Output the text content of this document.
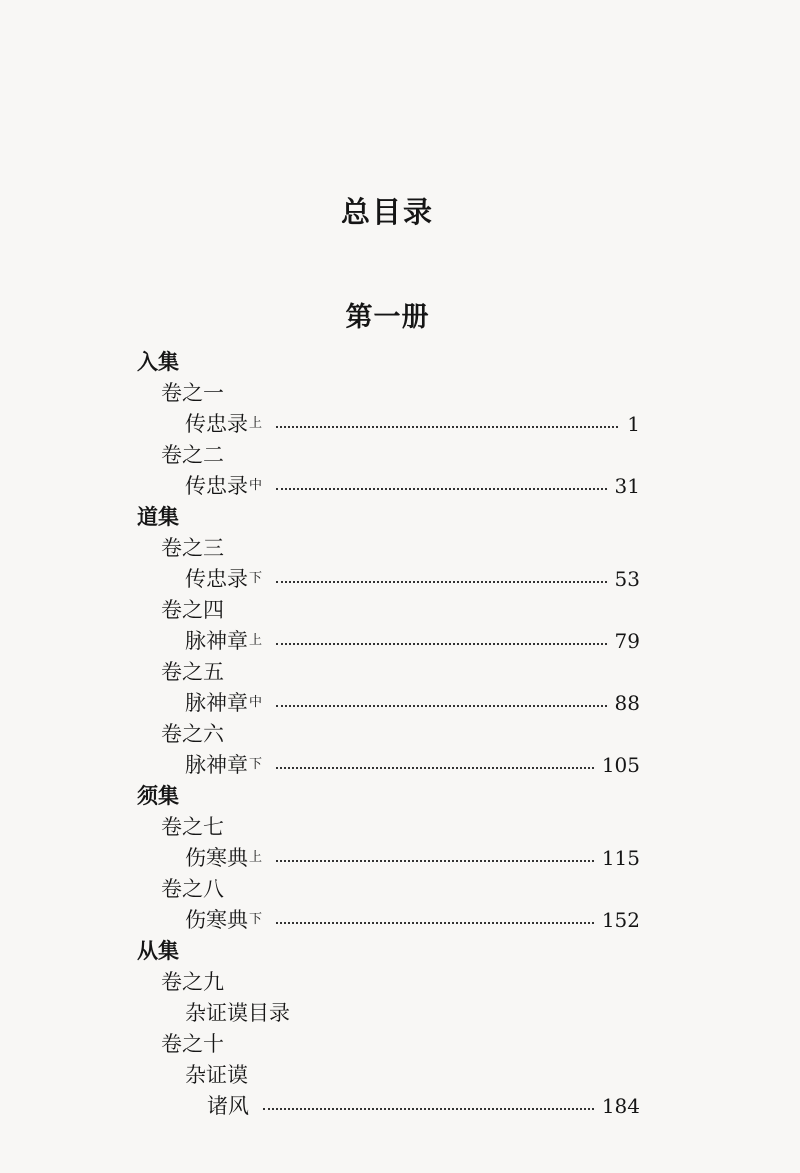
总目录
第一册
入集
卷之一
传忠录 上	1
卷之二
传忠录 中	31
道集
卷之三
传忠录 下	53
卷之四
脉神章 上	79
卷之五
脉神章 中	88
卷之六
脉神章 下	105
须集
卷之七
伤寒典 上	115
卷之八
伤寒典 下	152
从集
卷之九
杂证谟目录
卷之十
杂证谟
诸风	184
